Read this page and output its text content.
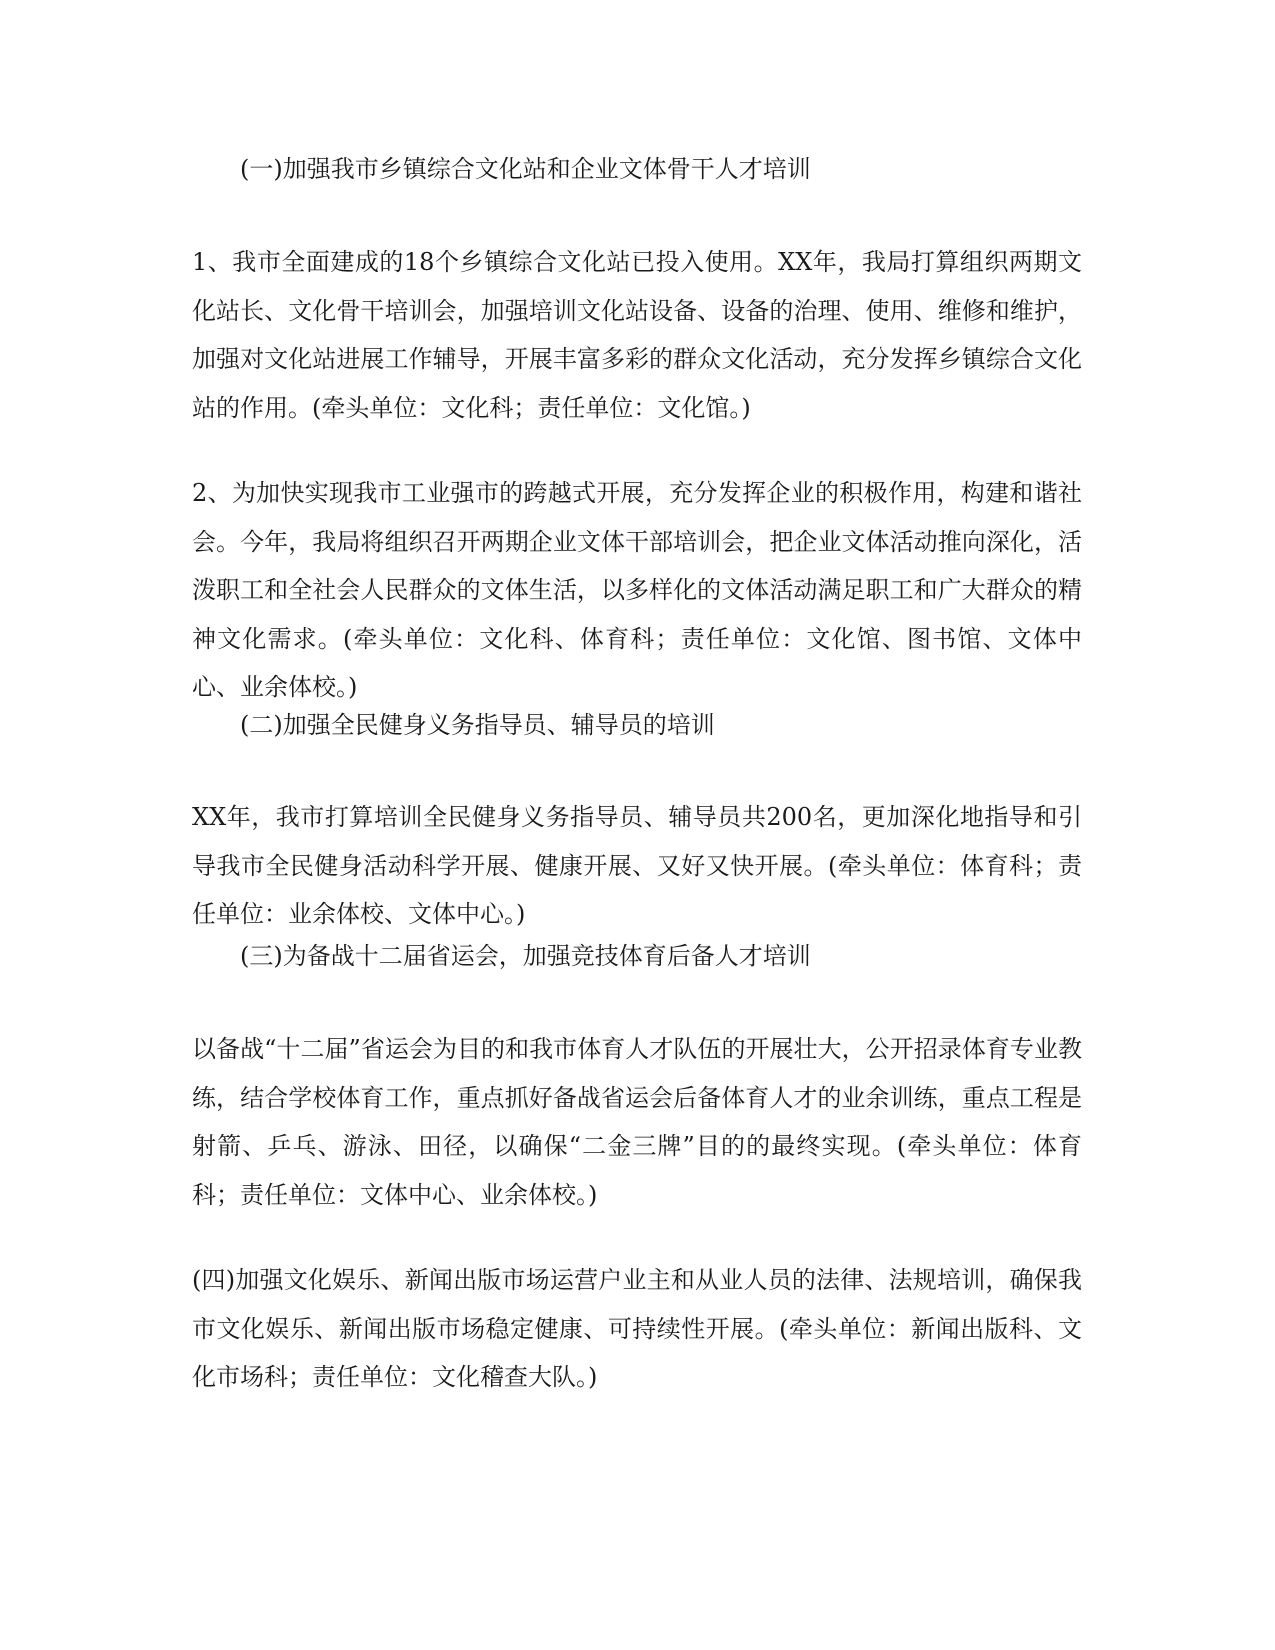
(一)加强我市乡镇综合文化站和企业文体骨干人才培训

1、我市全面建成的18个乡镇综合文化站已投入使用。XX年，我局打算组织两期文化站长、文化骨干培训会，加强培训文化站设备、设备的治理、使用、维修和维护，加强对文化站进展工作辅导，开展丰富多彩的群众文化活动，充分发挥乡镇综合文化站的作用。(牵头单位：文化科；责任单位：文化馆。)

2、为加快实现我市工业强市的跨越式开展，充分发挥企业的积极作用，构建和谐社会。今年，我局将组织召开两期企业文体干部培训会，把企业文体活动推向深化，活泼职工和全社会人民群众的文体生活，以多样化的文体活动满足职工和广大群众的精神文化需求。(牵头单位：文化科、体育科；责任单位：文化馆、图书馆、文体中心、业余体校。)

(二)加强全民健身义务指导员、辅导员的培训

XX年，我市打算培训全民健身义务指导员、辅导员共200名，更加深化地指导和引导我市全民健身活动科学开展、健康开展、又好又快开展。(牵头单位：体育科；责任单位：业余体校、文体中心。)

(三)为备战十二届省运会，加强竞技体育后备人才培训

以备战“十二届”省运会为目的和我市体育人才队伍的开展壮大，公开招录体育专业教练，结合学校体育工作，重点抓好备战省运会后备体育人才的业余训练，重点工程是射箭、乒乓、游泳、田径，以确保“二金三牌”目的的最终实现。(牵头单位：体育科；责任单位：文体中心、业余体校。)

(四)加强文化娱乐、新闻出版市场运营户业主和从业人员的法律、法规培训，确保我市文化娱乐、新闻出版市场稳定健康、可持续性开展。(牵头单位：新闻出版科、文化市场科；责任单位：文化稽查大队。)
